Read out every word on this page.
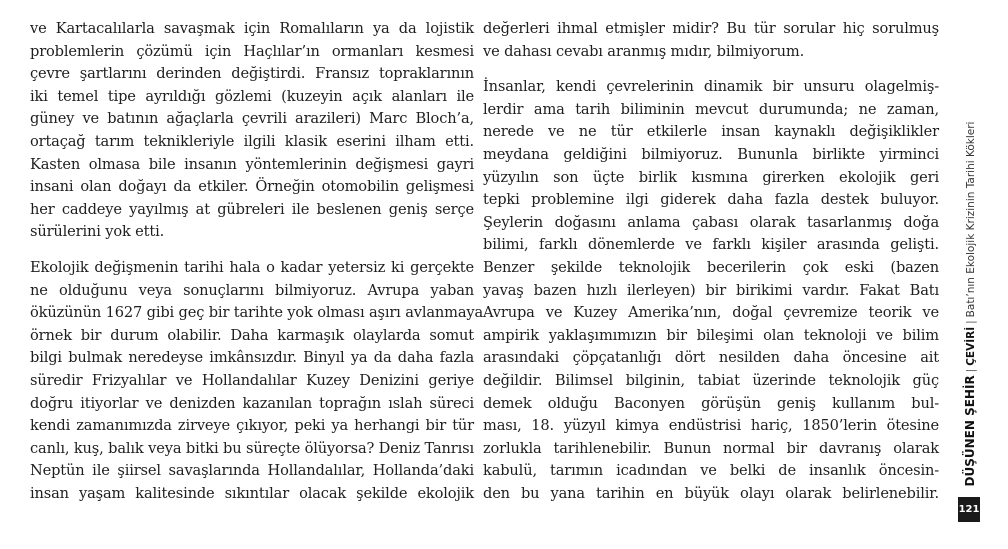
ve Kartacalılarla savaşmak için Romalıların ya da lojistik
problemlerin çözümü için Haçlılar’ın ormanları kesmesi
çevre şartlarını derinden değiştirdi. Fransız topraklarının
iki temel tipe ayrıldığı gözlemi (kuzeyin açık alanları ile
güney ve batının ağaçlarla çevrili arazileri) Marc Bloch’a,
ortaçağ tarım teknikleriyle ilgili klasik eserini ilham etti.
Kasten olmasa bile insanın yöntemlerinin değişmesi gayri
insani olan doğayı da etkiler. Örneğin otomobilin gelişmesi
her caddeye yayılmış at gübreleri ile beslenen geniş serçe
sürülerini yok etti.
Ekolojik değişmenin tarihi hala o kadar yetersiz ki gerçekte
ne olduğunu veya sonuçlarını bilmiyoruz. Avrupa yaban
öküzünün 1627 gibi geç bir tarihte yok olması aşırı avlanmaya
örnek bir durum olabilir. Daha karmaşık olaylarda somut
bilgi bulmak neredeyse imkânsızdır. Binyıl ya da daha fazla
süredir Frizyalılar ve Hollandalılar Kuzey Denizini geriye
doğru itiyorlar ve denizden kazanılan toprağın ıslah süreci
kendi zamanımızda zirveye çıkıyor, peki ya herhangi bir tür
canlı, kuş, balık veya bitki bu süreçte ölüyorsa? Deniz Tanrısı
Neptün ile şiirsel savaşlarında Hollandalılar, Hollanda’daki
insan yaşam kalitesinde sıkıntılar olacak şekilde ekolojik
değerleri ihmal etmişler midir? Bu tür sorular hiç sorulmuş
ve dahası cevabı aranmış mıdır, bilmiyorum.
İnsanlar, kendi çevrelerinin dinamik bir unsuru olagelmiş-
lerdir ama tarih biliminin mevcut durumunda; ne zaman,
nerede ve ne tür etkilerle insan kaynaklı değişiklikler
meydana geldiğini bilmiyoruz. Bununla birlikte yirminci
yüzyılın son üçte birlik kısmına girerken ekolojik geri
tepki problemine ilgi giderek daha fazla destek buluyor.
Şeylerin doğasını anlama çabası olarak tasarlanmış doğa
bilimi, farklı dönemlerde ve farklı kişiler arasında gelişti.
Benzer şekilde teknolojik becerilerin çok eski (bazen
yavaş bazen hızlı ilerleyen) bir birikimi vardır. Fakat Batı
Avrupa ve Kuzey Amerika’nın, doğal çevremize teorik ve
ampirik yaklaşımımızın bir bileşimi olan teknoloji ve bilim
arasındaki çöpçatanlığı dört nesilden daha öncesine ait
değildir. Bilimsel bilginin, tabiat üzerinde teknolojik güç
demek olduğu Baconyen görüşün geniş kullanım bul-
ması, 18. yüzyıl kimya endüstrisi hariç, 1850’lerin ötesine
zorlukla tarihlenebilir. Bunun normal bir davranış olarak
kabulü, tarımın icadından ve belki de insanlık öncesin-
den bu yana tarihin en büyük olayı olarak belirlenebilir.
DÜŞÜNEN ŞEHİR|ÇEVİRİ|Batı’nın Ekolojik Krizinin Tarihi Kökleri
121
